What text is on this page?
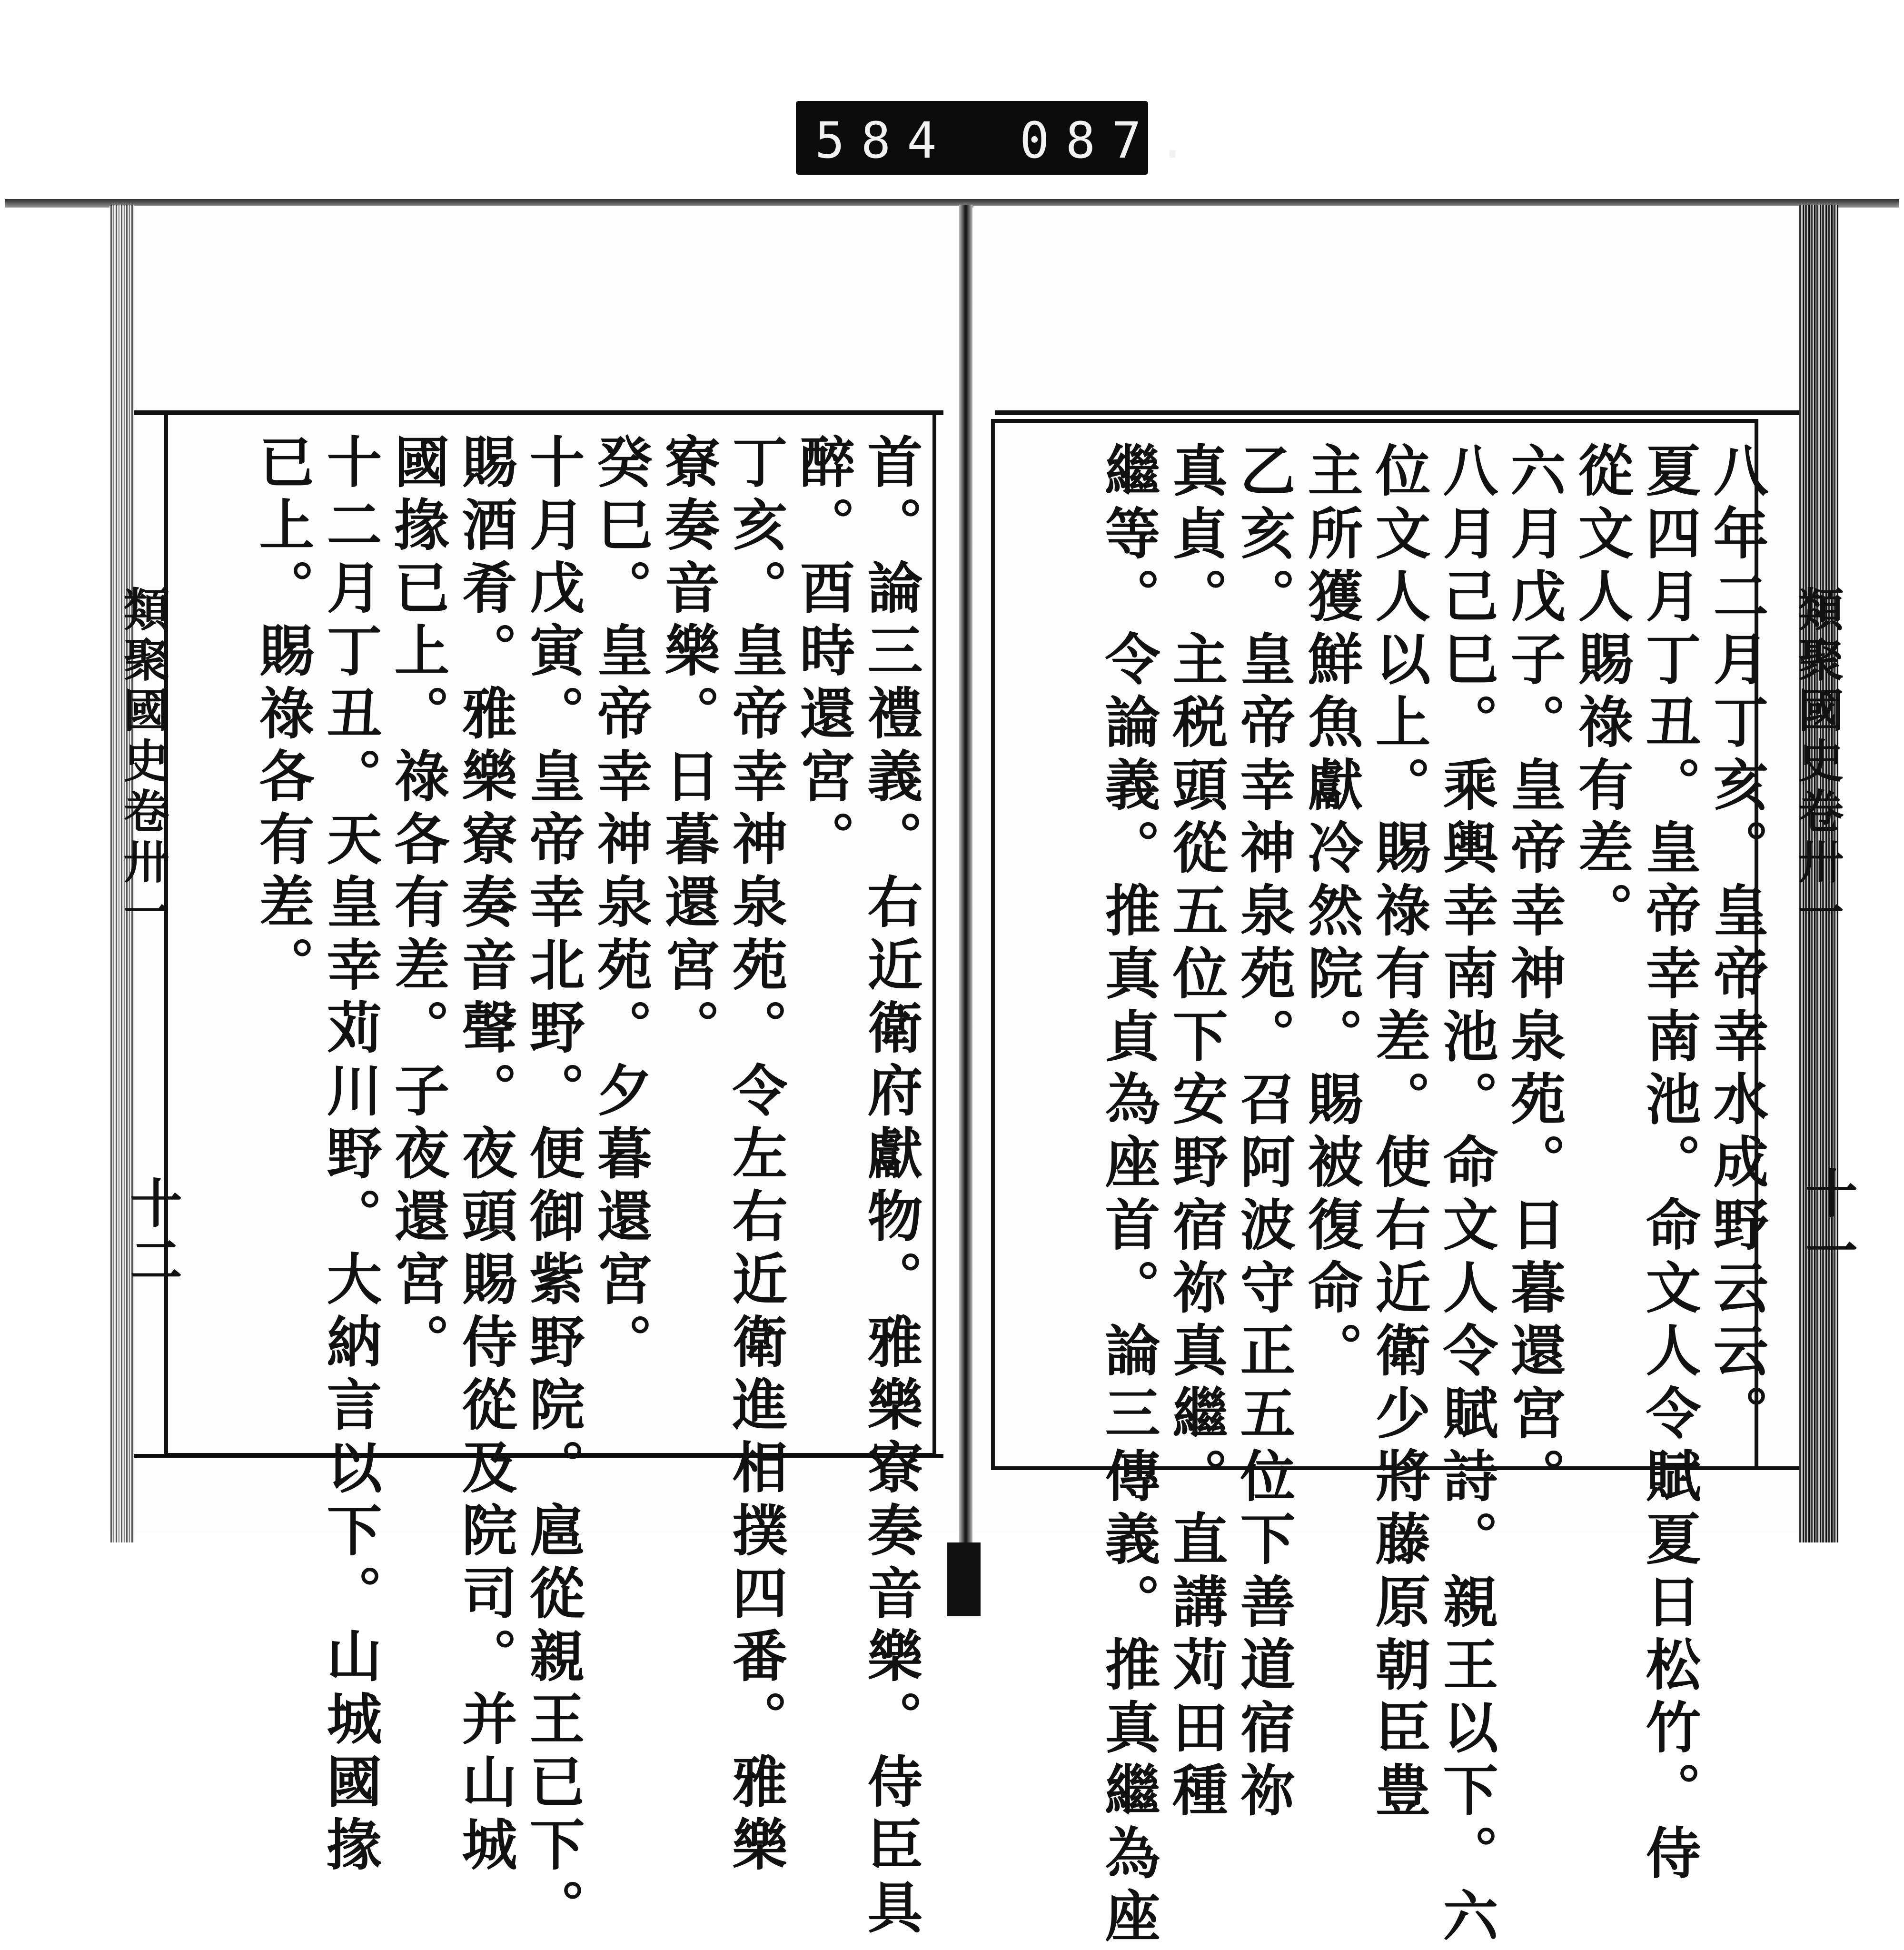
584 087.
八年二月丁亥。皇帝幸水成野云云。
夏四月丁丑。皇帝幸南池。命文人令賦夏日松竹。侍
從文人賜祿有差。
六月戊子。皇帝幸神泉苑。日暮還宮。
八月己巳。乘輿幸南池。命文人令賦詩。親王以下。六
位文人以上。賜祿有差。使右近衛少將藤原朝臣豊
主所獲鮮魚獻冷然院。賜被復命。
乙亥。皇帝幸神泉苑。召阿波守正五位下善道宿祢
真貞。主税頭從五位下安野宿祢真繼。直講苅田種
繼等。令論義。推真貞為座首。論三傳義。推真繼為座
首。論三禮義。右近衛府獻物。雅樂寮奏音樂。侍臣具
醉。酉時還宮。
丁亥。皇帝幸神泉苑。令左右近衛進相撲四番。雅樂
寮奏音樂。日暮還宮。
癸巳。皇帝幸神泉苑。夕暮還宮。
十月戊寅。皇帝幸北野。便御紫野院。扈從親王已下。
賜酒肴。雅樂寮奏音聲。夜頭賜侍從及院司。并山城
國掾已上。祿各有差。子夜還宮。
十二月丁丑。天皇幸苅川野。大納言以下。山城國掾
已上。賜祿各有差。	類聚國史卷卅一
十一
類聚國史卷卅一
十二
